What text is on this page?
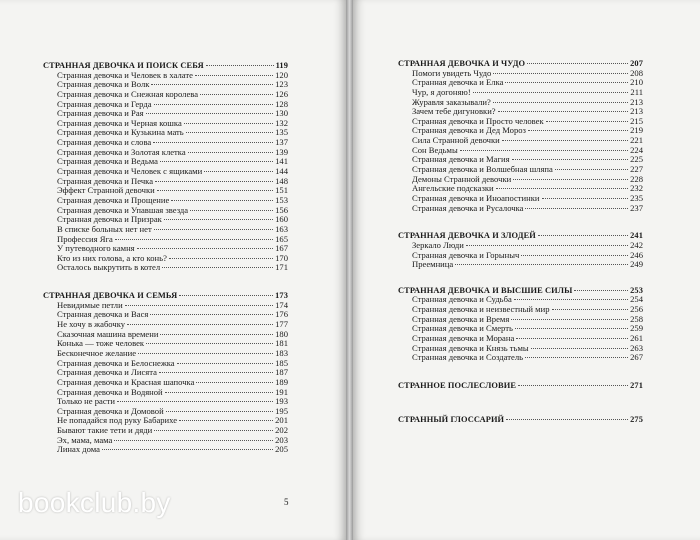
СТРАННАЯ ДЕВОЧКА И ПОИСК СЕБЯ	119
Странная девочка и Человек в халате	120
Странная девочка и Волк	123
Странная девочка и Снежная королева	126
Странная девочка и Герда	128
Странная девочка и Рая	130
Странная девочка и Черная кошка	132
Странная девочка и Кузькина мать	135
Странная девочка и слова	137
Странная девочка и Золотая клетка	139
Странная девочка и Ведьма	141
Странная девочка и Человек с ящиками	144
Странная девочка и Печка	148
Эффект Странной девочки	151
Странная девочка и Прощение	153
Странная девочка и Упавшая звезда	156
Странная девочка и Призрак	160
В списке больных нет нет	163
Профессия Яга	165
У путеводного камня	167
Кто из них голова, а кто конь?	170
Осталось выкрутить в котел	171
СТРАННАЯ ДЕВОЧКА И СЕМЬЯ	173
Невидимые петли	174
Странная девочка и Вася	176
Не хочу в жабочку	177
Сказочная машина времени	180
Конька — тоже человек	181
Бесконечное желание	183
Странная девочка и Белоснежка	185
Странная девочка и Лисята	187
Странная девочка и Красная шапочка	189
Странная девочка и Водяной	191
Только не расти	193
Странная девочка и Домовой	195
Не попадайся под руку Бабарихе	201
Бывают такие тети и дяди	202
Эх, мама, мама	203
Линах дома	205
5
СТРАННАЯ ДЕВОЧКА И ЧУДО	207
Помоги увидеть Чудо	208
Странная девочка и Елка	210
Чур, я догоняю!	211
Журавля заказывали?	213
Зачем тебе дигуновки?	213
Странная девочка и Просто человек	215
Странная девочка и Дед Мороз	219
Сила Странной девочки	221
Сон Ведьмы	224
Странная девочка и Магия	225
Странная девочка и Волшебная шляпа	227
Демоны Странной девочки	228
Ангельские подсказки	232
Странная девочка и Иноапостинки	235
Странная девочка и Русалочка	237
СТРАННАЯ ДЕВОЧКА И ЗЛОДЕЙ	241
Зеркало Люди	242
Странная девочка и Горыныч	246
Преемница	249
СТРАННАЯ ДЕВОЧКА И ВЫСШИЕ СИЛЫ	253
Странная девочка и Судьба	254
Странная девочка и неизвестный мир	256
Странная девочка и Время	258
Странная девочка и Смерть	259
Странная девочка и Морана	261
Странная девочка и Князь тьмы	263
Странная девочка и Создатель	267
СТРАННОЕ ПОСЛЕСЛОВИЕ	271
СТРАННЫЙ ГЛОССАРИЙ	275
bookclub.by
